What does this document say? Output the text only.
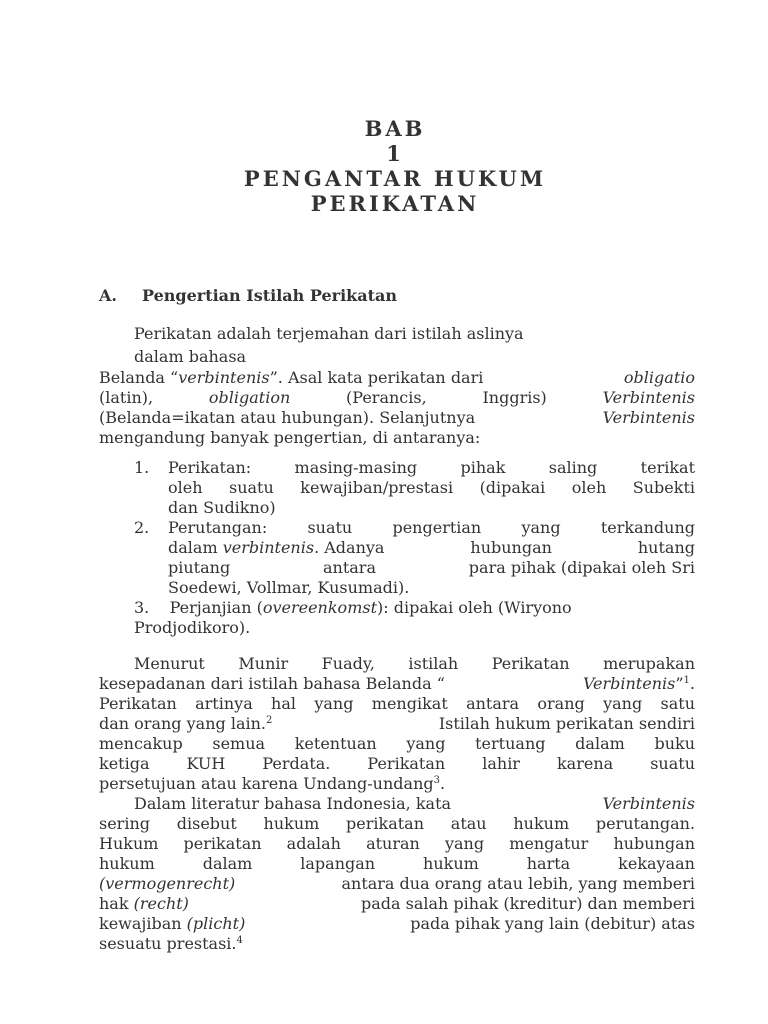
BAB
1
PENGANTAR HUKUM
PERIKATAN
A. Pengertian Istilah Perikatan
Perikatan adalah terjemahan dari istilah aslinya
dalam bahasa
Belanda “verbintenis”. Asal kata perikatan dari	obligatio
(latin),	obligation	(Perancis,	Inggris)	Verbintenis
(Belanda=ikatan atau hubungan). Selanjutnya	Verbintenis
mengandung banyak pengertian, di antaranya:
1. Perikatan: masing-masing pihak saling terikat
oleh suatu kewajiban/prestasi (dipakai oleh Subekti
dan Sudikno)
2. Perutangan: suatu pengertian yang terkandung
dalam verbintenis. Adanya	hubungan	hutang
piutang	antara	para pihak (dipakai oleh Sri
Soedewi, Vollmar, Kusumadi).
3. Perjanjian (overeenkomst): dipakai oleh (Wiryono
Prodjodikoro).
Menurut Munir Fuady, istilah Perikatan merupakan
kesepadanan dari istilah bahasa Belanda “	Verbintenis”$^1$.
Perikatan artinya hal yang mengikat antara orang yang satu
dan orang yang lain.$^2$	Istilah hukum perikatan sendiri
mencakup semua ketentuan yang tertuang dalam buku
ketiga KUH Perdata. Perikatan lahir karena suatu
persetujuan atau karena Undang-undang$^3$.
Dalam literatur bahasa Indonesia, kata	Verbintenis
sering disebut hukum perikatan atau hukum perutangan.
Hukum perikatan adalah aturan yang mengatur hubungan
hukum	dalam	lapangan	hukum	harta	kekayaan
(vermogenrecht)	antara dua orang atau lebih, yang memberi
hak (recht)	pada salah pihak (kreditur) dan memberi
kewajiban (plicht)	pada pihak yang lain (debitur) atas
sesuatu prestasi.$^4$
